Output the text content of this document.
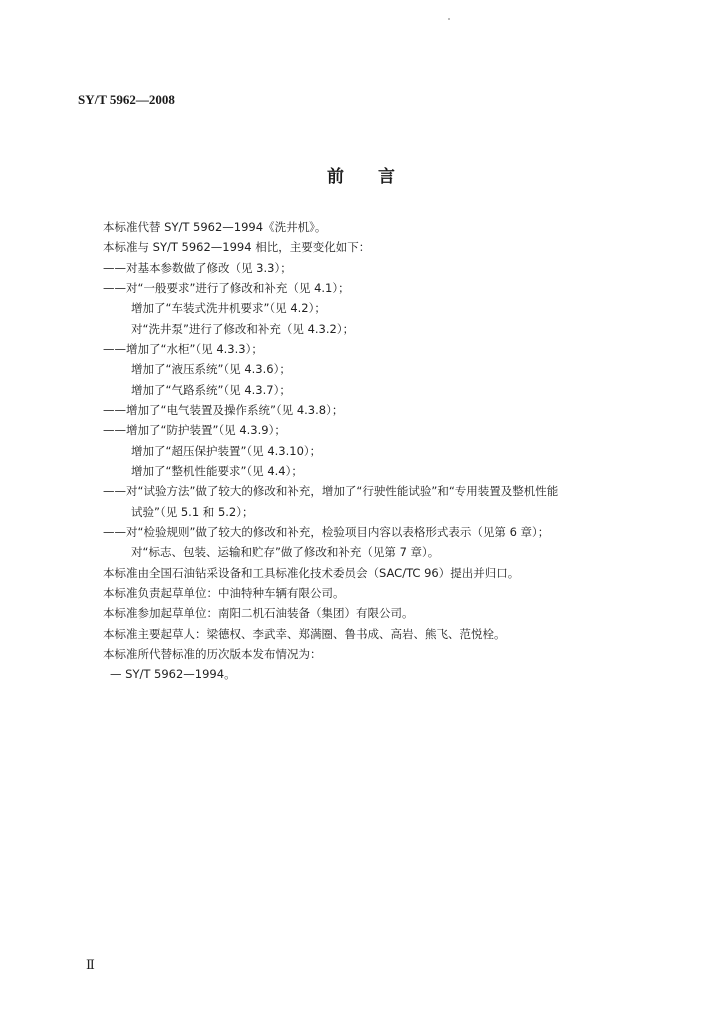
SY/T 5962—2008
前言
本标准代替 SY/T 5962—1994《洗井机》。
本标准与 SY/T 5962—1994 相比，主要变化如下：
——对基本参数做了修改（见 3.3）；
——对“一般要求”进行了修改和补充（见 4.1）；
增加了“车装式洗井机要求”（见 4.2）；
对“洗井泵”进行了修改和补充（见 4.3.2）；
——增加了“水柜”（见 4.3.3）；
增加了“液压系统”（见 4.3.6）；
增加了“气路系统”（见 4.3.7）；
——增加了“电气装置及操作系统”（见 4.3.8）；
——增加了“防护装置”（见 4.3.9）；
增加了“超压保护装置”（见 4.3.10）；
增加了“整机性能要求”（见 4.4）；
——对“试验方法”做了较大的修改和补充，增加了“行驶性能试验”和“专用装置及整机性能
试验”（见 5.1 和 5.2）；
——对“检验规则”做了较大的修改和补充，检验项目内容以表格形式表示（见第 6 章）；
对“标志、包装、运输和贮存”做了修改和补充（见第 7 章）。
本标准由全国石油钻采设备和工具标准化技术委员会（SAC/TC 96）提出并归口。
本标准负责起草单位：中油特种车辆有限公司。
本标准参加起草单位：南阳二机石油装备（集团）有限公司。
本标准主要起草人：梁德权、李武幸、郑满圈、鲁书成、高岩、熊飞、范悦栓。
本标准所代替标准的历次版本发布情况为：
— SY/T 5962—1994。
Ⅱ
